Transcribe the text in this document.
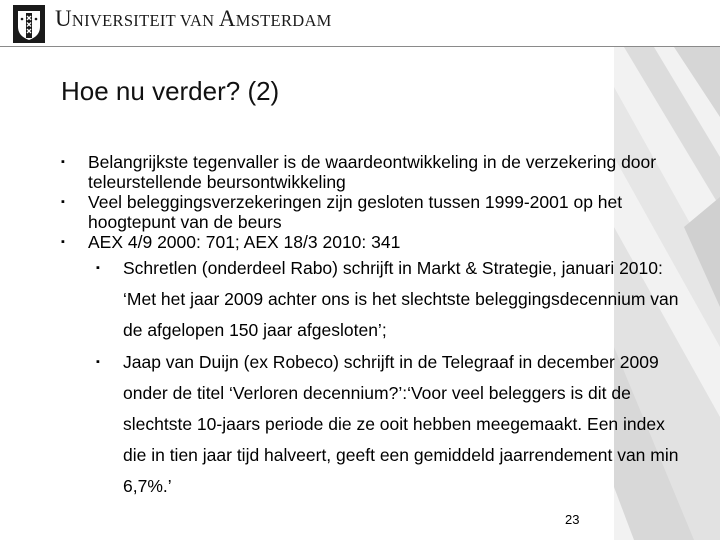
UNIVERSITEIT VAN AMSTERDAM
Hoe nu verder? (2)
▪ Belangrijkste tegenvaller is de waardeontwikkeling in de verzekering door teleurstellende beursontwikkeling
▪ Veel beleggingsverzekeringen zijn gesloten tussen 1999-2001 op het hoogtepunt van de beurs
▪ AEX 4/9 2000: 701; AEX 18/3 2010: 341
▪ Schretlen (onderdeel Rabo) schrijft in Markt & Strategie, januari 2010: ‘Met het jaar 2009 achter ons is het slechtste beleggingsdecennium van de afgelopen 150 jaar afgesloten’;
▪ Jaap van Duijn (ex Robeco) schrijft in de Telegraaf in december 2009 onder de titel ‘Verloren decennium?’:‘Voor veel beleggers is dit de slechtste 10-jaars periode die ze ooit hebben meegemaakt. Een index die in tien jaar tijd halveert, geeft een gemiddeld jaarrendement van min 6,7%.’
23
